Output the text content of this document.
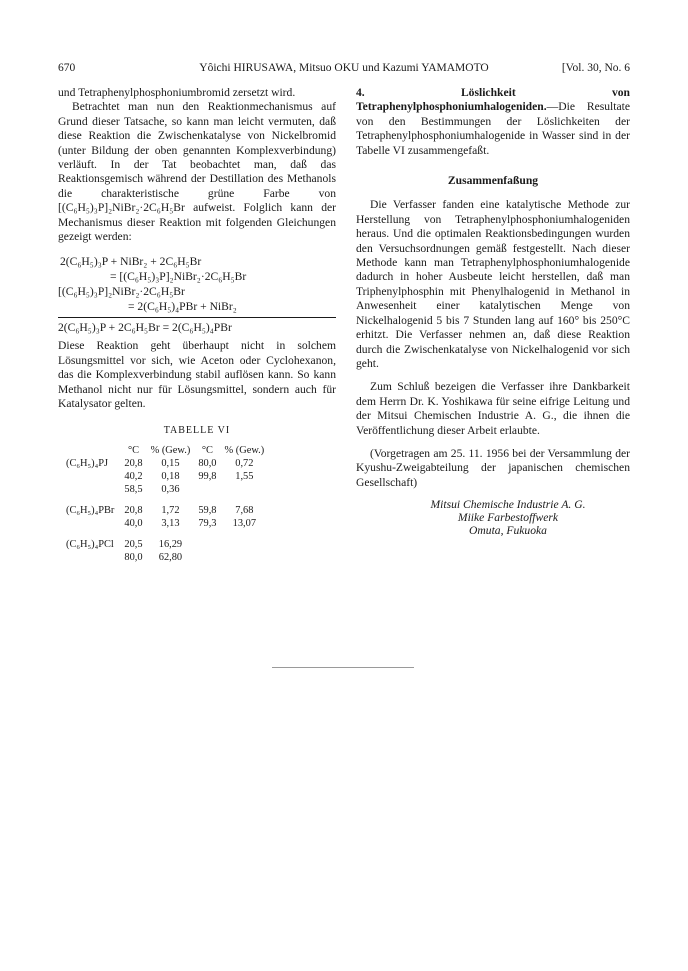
670	Yôichi HIRUSAWA, Mitsuo OKU und Kazumi YAMAMOTO	[Vol. 30, No. 6

und Tetraphenylphosphoniumbromid zersetzt wird.

Betrachtet man nun den Reaktionmechanismus auf Grund dieser Tatsache, so kann man leicht vermuten, daß diese Reaktion die Zwischenkatalyse von Nickelbromid (unter Bildung der oben genannten Komplexverbindung) verläuft. In der Tat beobachtet man, daß das Reaktionsgemisch während der Destillation des Methanols die charakteristische grüne Farbe von [(C₆H₅)₃P]₂NiBr₂·2C₆H₅Br aufweist. Folglich kann der Mechanismus dieser Reaktion mit folgenden Gleichungen gezeigt werden:

2(C₆H₅)₃P + NiBr₂ + 2C₆H₅Br
= [(C₆H₅)₃P]₂NiBr₂·2C₆H₅Br
[(C₆H₅)₃P]₂NiBr₂·2C₆H₅Br
= 2(C₆H₅)₄PBr + NiBr₂
2(C₆H₅)₃P + 2C₆H₅Br = 2(C₆H₅)₄PBr

Diese Reaktion geht überhaupt nicht in solchem Lösungsmittel vor sich, wie Aceton oder Cyclohexanon, das die Komplexverbindung stabil auflösen kann. So kann Methanol nicht nur für Lösungsmittel, sondern auch für Katalysator gelten.

TABELLE VI
	°C	% (Gew.)	°C	% (Gew.)
(C₆H₅)₄PJ	20,8	0,15	80,0	0,72
	40,2	0,18	99,8	1,55
	58,5	0,36		
(C₆H₅)₄PBr	20,8	1,72	59,8	7,68
	40,0	3,13	79,3	13,07
(C₆H₅)₄PCl	20,5	16,29		
	80,0	62,80		

4. Löslichkeit von Tetraphenylphosphoniumhalogeniden.—Die Resultate von den Bestimmungen der Löslichkeiten der Tetraphenylphosphoniumhalogenide in Wasser sind in der Tabelle VI zusammengefaßt.

Zusammenfaßung

Die Verfasser fanden eine katalytische Methode zur Herstellung von Tetraphenylphosphoniumhalogeniden heraus. Und die optimalen Reaktionsbedingungen wurden den Versuchsordnungen gemäß festgestellt. Nach dieser Methode kann man Tetraphenylphosphoniumhalogenide dadurch in hoher Ausbeute leicht herstellen, daß man Triphenylphosphin mit Phenylhalogenid in Methanol in Anwesenheit einer katalytischen Menge von Nickelhalogenid 5 bis 7 Stunden lang auf 160° bis 250°C erhitzt. Die Verfasser nehmen an, daß diese Reaktion durch die Zwischenkatalyse von Nickelhalogenid vor sich geht.

Zum Schluß bezeigen die Verfasser ihre Dankbarkeit dem Herrn Dr. K. Yoshikawa für seine eifrige Leitung und der Mitsui Chemischen Industrie A. G., die ihnen die Veröffentlichung dieser Arbeit erlaubte.

(Vorgetragen am 25. 11. 1956 bei der Versammlung der Kyushu-Zweigabteilung der japanischen chemischen Gesellschaft)

Mitsui Chemische Industrie A. G.
Miike Farbestoffwerk
Omuta, Fukuoka
